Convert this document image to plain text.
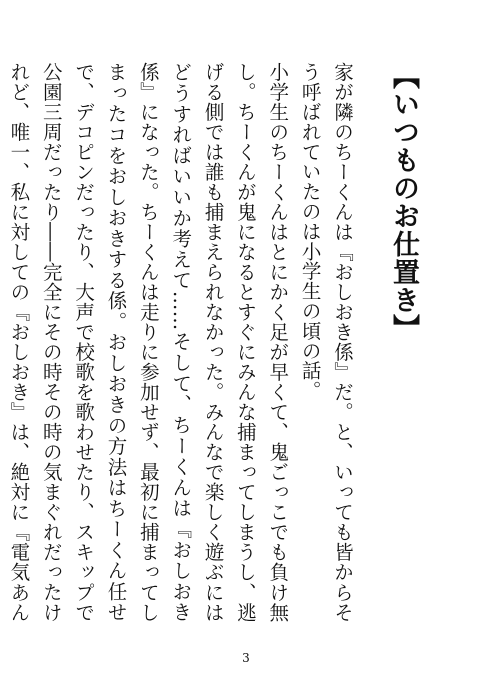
【いつものお仕置き】

家が隣のちーくんは『おしおき係』だ。と、いっても皆からそう呼ばれていたのは小学生の頃の話。

小学生のちーくんはとにかく足が早くて、鬼ごっこでも負け無し。ちーくんが鬼になるとすぐにみんな捕まってしまうし、逃げる側では誰も捕まえられなかった。みんなで楽しく遊ぶにはどうすればいいか考えて……そして、ちーくんは『おしおき係』になった。ちーくんは走りに参加せず、最初に捕まってしまったコをおしおきする係。おしおきの方法はちーくん任せで、デコピンだったり、大声で校歌を歌わせたり、スキップで公園三周だったり――完全にその時その時の気まぐれだったけれど、唯一、私に対しての『おしおき』は、絶対に『電気あん

3
